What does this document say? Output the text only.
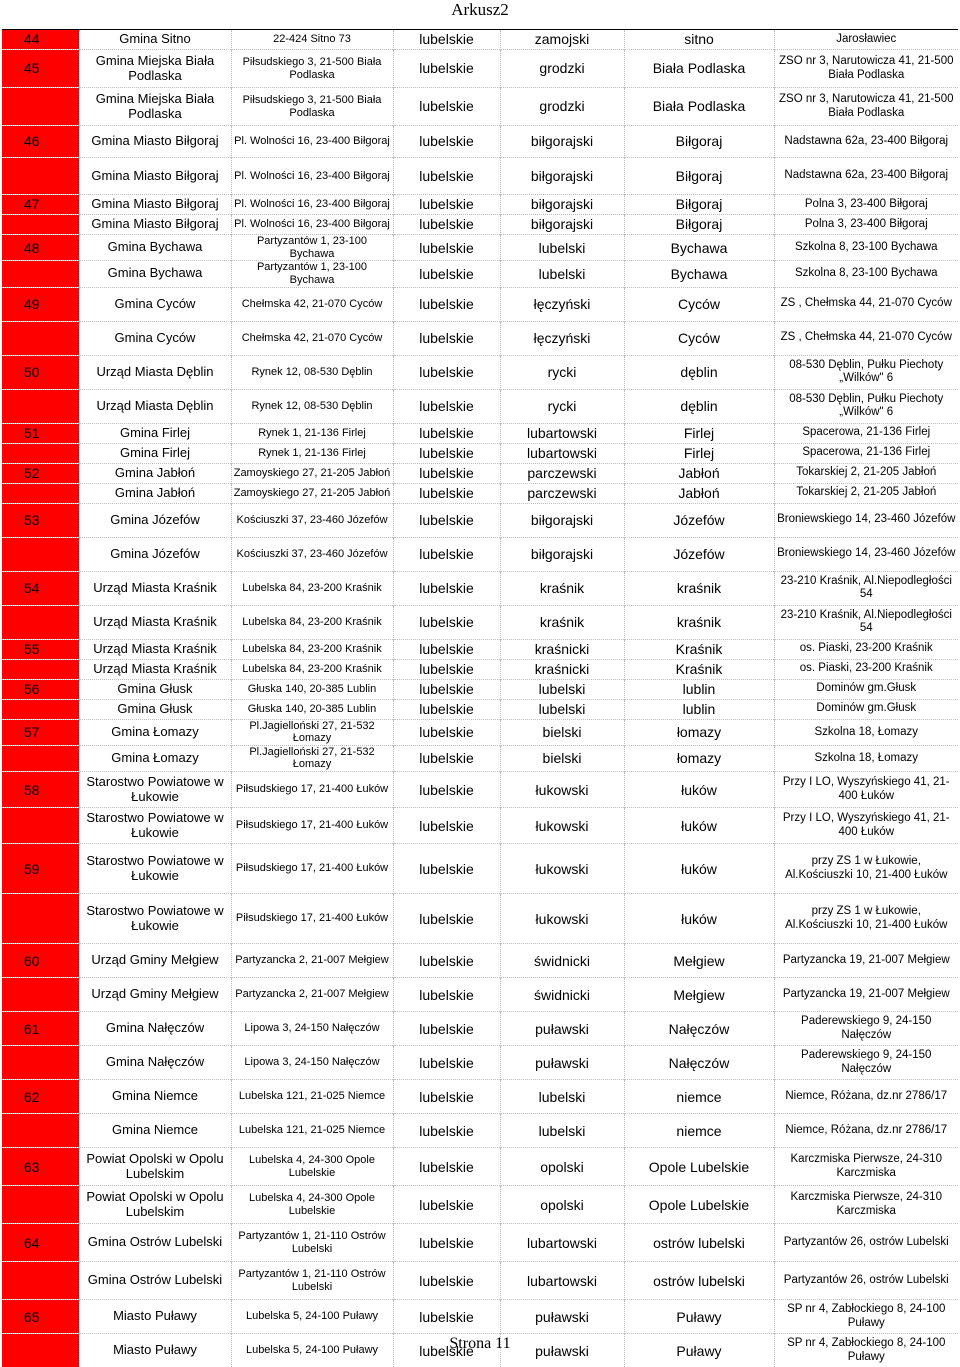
Arkusz2
44	Gmina Sitno	22-424 Sitno 73	lubelskie	zamojski	sitno	Jarosławiec
45	Gmina Miejska Biała Podlaska	Piłsudskiego 3, 21-500 Biała Podlaska	lubelskie	grodzki	Biała Podlaska	ZSO nr 3, Narutowicza 41, 21-500 Biała Podlaska
	Gmina Miejska Biała Podlaska	Piłsudskiego 3, 21-500 Biała Podlaska	lubelskie	grodzki	Biała Podlaska	ZSO nr 3, Narutowicza 41, 21-500 Biała Podlaska
46	Gmina Miasto Biłgoraj	Pl. Wolności 16, 23-400 Biłgoraj	lubelskie	biłgorajski	Biłgoraj	Nadstawna 62a, 23-400 Biłgoraj
	Gmina Miasto Biłgoraj	Pl. Wolności 16, 23-400 Biłgoraj	lubelskie	biłgorajski	Biłgoraj	Nadstawna 62a, 23-400 Biłgoraj
47	Gmina Miasto Biłgoraj	Pl. Wolności 16, 23-400 Biłgoraj	lubelskie	biłgorajski	Biłgoraj	Polna 3, 23-400 Biłgoraj
	Gmina Miasto Biłgoraj	Pl. Wolności 16, 23-400 Biłgoraj	lubelskie	biłgorajski	Biłgoraj	Polna 3, 23-400 Biłgoraj
48	Gmina Bychawa	Partyzantów 1, 23-100 Bychawa	lubelskie	lubelski	Bychawa	Szkolna 8, 23-100 Bychawa
	Gmina Bychawa	Partyzantów 1, 23-100 Bychawa	lubelskie	lubelski	Bychawa	Szkolna 8, 23-100 Bychawa
49	Gmina Cyców	Chełmska 42, 21-070 Cyców	lubelskie	łęczyński	Cyców	ZS , Chełmska 44, 21-070 Cyców
	Gmina Cyców	Chełmska 42, 21-070 Cyców	lubelskie	łęczyński	Cyców	ZS , Chełmska 44, 21-070 Cyców
50	Urząd Miasta Dęblin	Rynek 12, 08-530 Dęblin	lubelskie	rycki	dęblin	08-530 Dęblin, Pułku Piechoty „Wilków" 6
	Urząd Miasta Dęblin	Rynek 12, 08-530 Dęblin	lubelskie	rycki	dęblin	08-530 Dęblin, Pułku Piechoty „Wilków" 6
51	Gmina Firlej	Rynek 1, 21-136 Firlej	lubelskie	lubartowski	Firlej	Spacerowa, 21-136 Firlej
	Gmina Firlej	Rynek 1, 21-136 Firlej	lubelskie	lubartowski	Firlej	Spacerowa, 21-136 Firlej
52	Gmina Jabłoń	Zamoyskiego 27, 21-205 Jabłoń	lubelskie	parczewski	Jabłoń	Tokarskiej 2, 21-205 Jabłoń
	Gmina Jabłoń	Zamoyskiego 27, 21-205 Jabłoń	lubelskie	parczewski	Jabłoń	Tokarskiej 2, 21-205 Jabłoń
53	Gmina Józefów	Kościuszki 37, 23-460 Józefów	lubelskie	biłgorajski	Józefów	Broniewskiego 14, 23-460 Józefów
	Gmina Józefów	Kościuszki 37, 23-460 Józefów	lubelskie	biłgorajski	Józefów	Broniewskiego 14, 23-460 Józefów
54	Urząd Miasta Kraśnik	Lubelska 84, 23-200 Kraśnik	lubelskie	kraśnik	kraśnik	23-210 Kraśnik, Al.Niepodległości 54
	Urząd Miasta Kraśnik	Lubelska 84, 23-200 Kraśnik	lubelskie	kraśnik	kraśnik	23-210 Kraśnik, Al.Niepodległości 54
55	Urząd Miasta Kraśnik	Lubelska 84, 23-200 Kraśnik	lubelskie	kraśnicki	Kraśnik	os. Piaski, 23-200 Kraśnik
	Urząd Miasta Kraśnik	Lubelska 84, 23-200 Kraśnik	lubelskie	kraśnicki	Kraśnik	os. Piaski, 23-200 Kraśnik
56	Gmina Głusk	Głuska 140, 20-385 Lublin	lubelskie	lubelski	lublin	Dominów gm.Głusk
	Gmina Głusk	Głuska 140, 20-385 Lublin	lubelskie	lubelski	lublin	Dominów gm.Głusk
57	Gmina Łomazy	Pl.Jagielloński 27, 21-532 Łomazy	lubelskie	bielski	łomazy	Szkolna 18, Łomazy
	Gmina Łomazy	Pl.Jagielloński 27, 21-532 Łomazy	lubelskie	bielski	łomazy	Szkolna 18, Łomazy
58	Starostwo Powiatowe w Łukowie	Piłsudskiego 17, 21-400 Łuków	lubelskie	łukowski	łuków	Przy I LO, Wyszyńskiego 41, 21-400 Łuków
	Starostwo Powiatowe w Łukowie	Piłsudskiego 17, 21-400 Łuków	lubelskie	łukowski	łuków	Przy I LO, Wyszyńskiego 41, 21-400 Łuków
59	Starostwo Powiatowe w Łukowie	Piłsudskiego 17, 21-400 Łuków	lubelskie	łukowski	łuków	przy ZS 1 w Łukowie, Al.Kościuszki 10, 21-400 Łuków
	Starostwo Powiatowe w Łukowie	Piłsudskiego 17, 21-400 Łuków	lubelskie	łukowski	łuków	przy ZS 1 w Łukowie, Al.Kościuszki 10, 21-400 Łuków
60	Urząd Gminy Mełgiew	Partyzancka 2, 21-007 Mełgiew	lubelskie	świdnicki	Mełgiew	Partyzancka 19, 21-007 Mełgiew
	Urząd Gminy Mełgiew	Partyzancka 2, 21-007 Mełgiew	lubelskie	świdnicki	Mełgiew	Partyzancka 19, 21-007 Mełgiew
61	Gmina Nałęczów	Lipowa 3, 24-150 Nałęczów	lubelskie	puławski	Nałęczów	Paderewskiego 9, 24-150 Nałęczów
	Gmina Nałęczów	Lipowa 3, 24-150 Nałęczów	lubelskie	puławski	Nałęczów	Paderewskiego 9, 24-150 Nałęczów
62	Gmina Niemce	Lubelska 121, 21-025 Niemce	lubelskie	lubelski	niemce	Niemce, Różana, dz.nr 2786/17
	Gmina Niemce	Lubelska 121, 21-025 Niemce	lubelskie	lubelski	niemce	Niemce, Różana, dz.nr 2786/17
63	Powiat Opolski w Opolu Lubelskim	Lubelska 4, 24-300 Opole Lubelskie	lubelskie	opolski	Opole Lubelskie	Karczmiska Pierwsze, 24-310 Karczmiska
	Powiat Opolski w Opolu Lubelskim	Lubelska 4, 24-300 Opole Lubelskie	lubelskie	opolski	Opole Lubelskie	Karczmiska Pierwsze, 24-310 Karczmiska
64	Gmina Ostrów Lubelski	Partyzantów 1, 21-110 Ostrów Lubelski	lubelskie	lubartowski	ostrów lubelski	Partyzantów 26, ostrów Lubelski
	Gmina Ostrów Lubelski	Partyzantów 1, 21-110 Ostrów Lubelski	lubelskie	lubartowski	ostrów lubelski	Partyzantów 26, ostrów Lubelski
65	Miasto Puławy	Lubelska 5, 24-100 Puławy	lubelskie	puławski	Puławy	SP nr 4, Zabłockiego 8, 24-100 Puławy
	Miasto Puławy	Lubelska 5, 24-100 Puławy	lubelskie	puławski	Puławy	SP nr 4, Zabłockiego 8, 24-100 Puławy
Strona 11
